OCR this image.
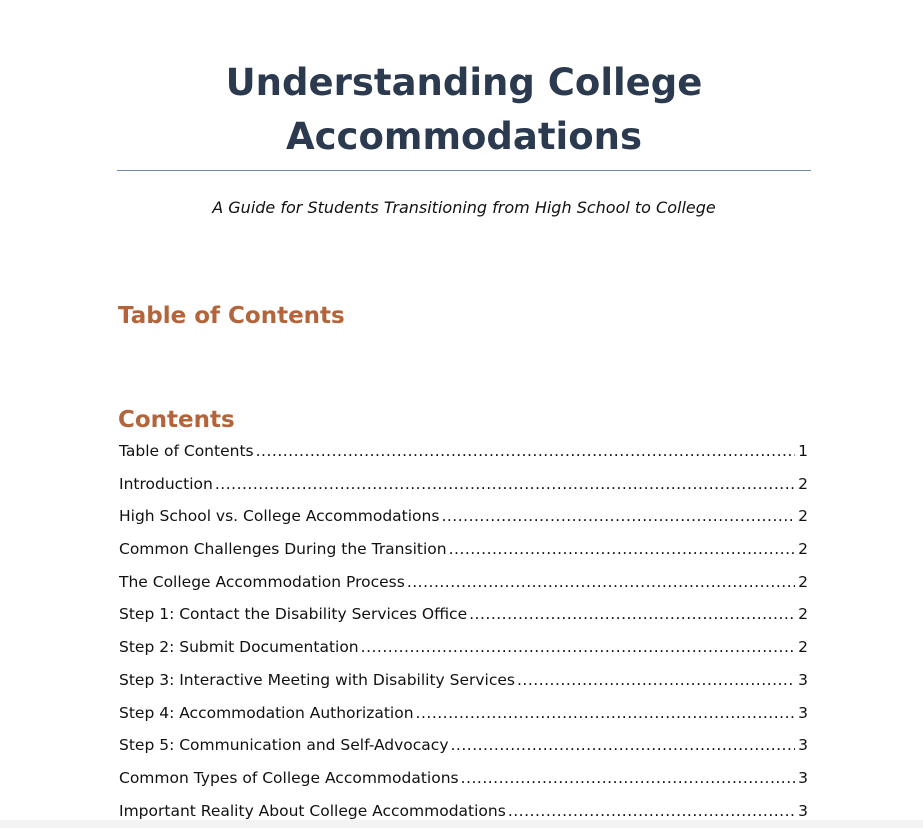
Understanding College Accommodations

A Guide for Students Transitioning from High School to College

Table of Contents
Contents
Table of Contents .....	1
Introduction .....	2
High School vs. College Accommodations .....	2
Common Challenges During the Transition .....	2
The College Accommodation Process .....	2
Step 1: Contact the Disability Services Office .....	2
Step 2: Submit Documentation .....	2
Step 3: Interactive Meeting with Disability Services .....	3
Step 4: Accommodation Authorization .....	3
Step 5: Communication and Self-Advocacy .....	3
Common Types of College Accommodations .....	3
Important Reality About College Accommodations .....	3
